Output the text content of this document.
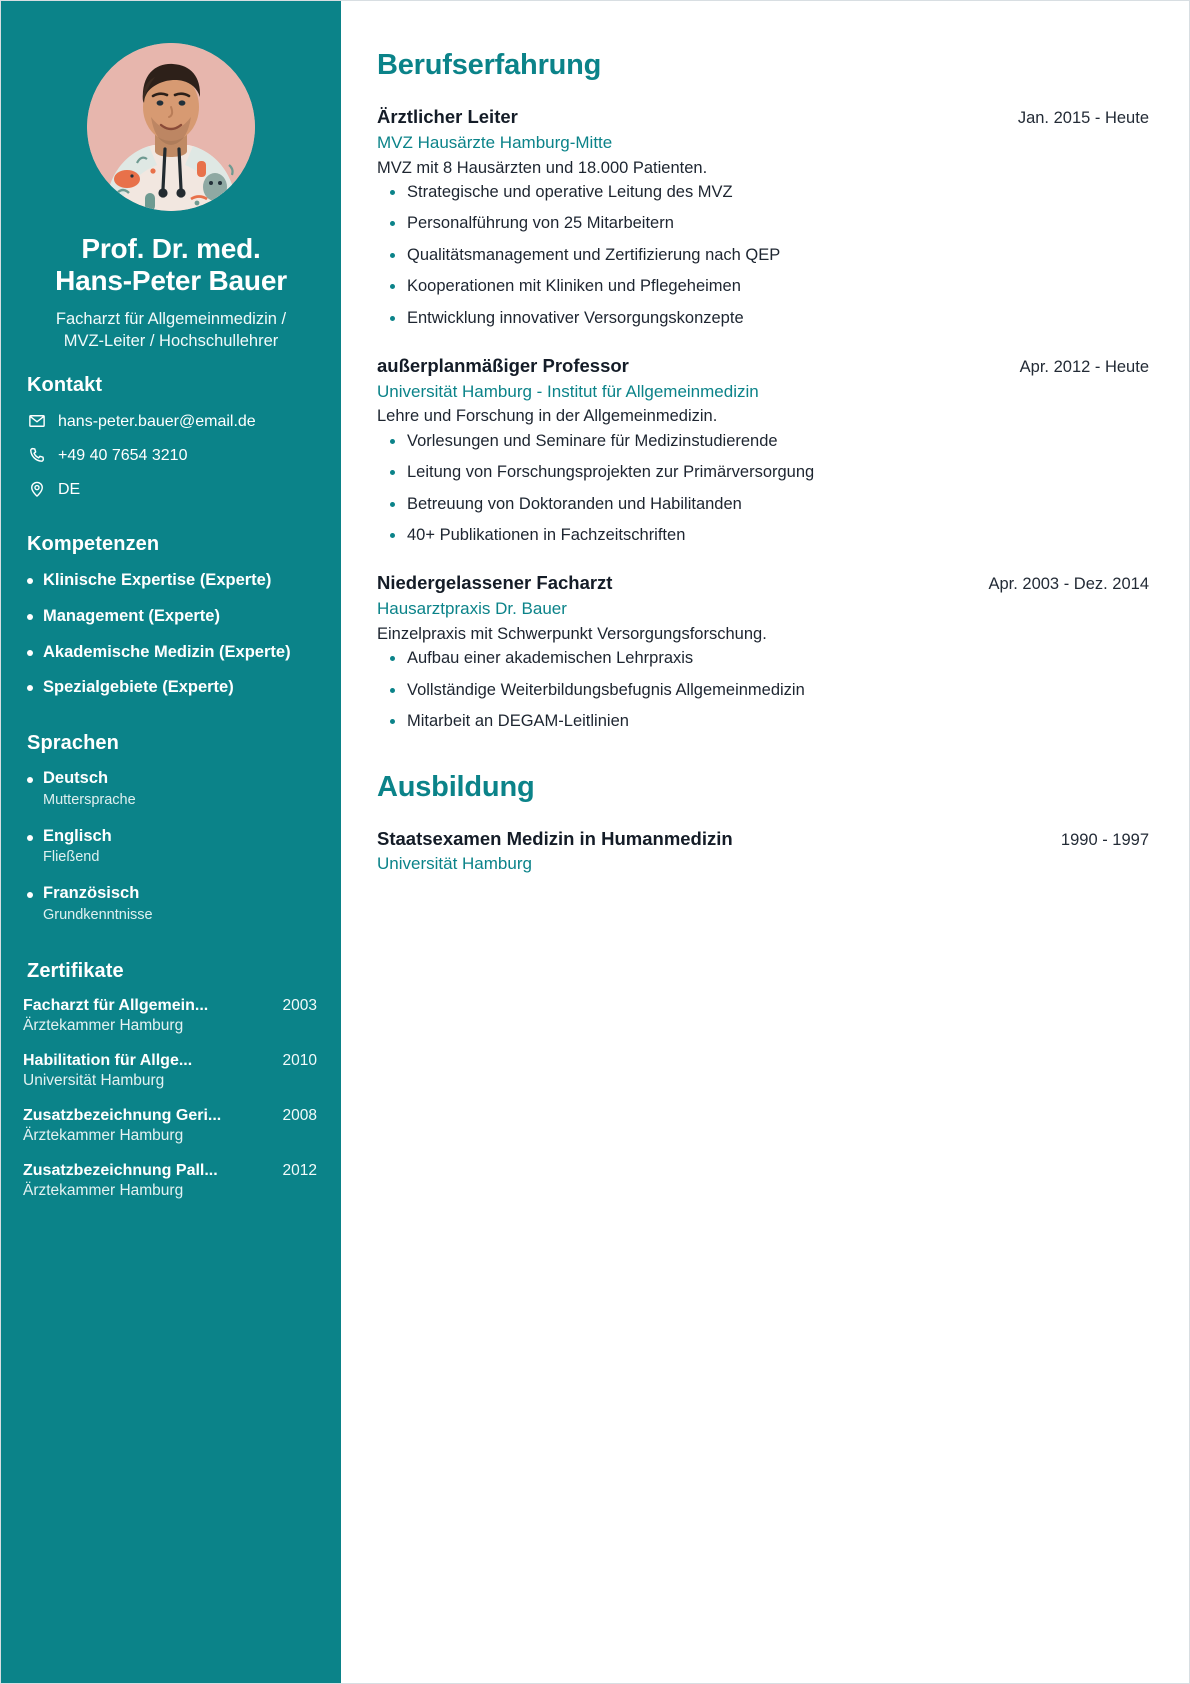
Prof. Dr. med.
Hans-Peter Bauer
Facharzt für Allgemeinmedizin /
MVZ-Leiter / Hochschullehrer
Kontakt
hans-peter.bauer@email.de
+49 40 7654 3210
DE
Kompetenzen
Klinische Expertise (Experte)
Management (Experte)
Akademische Medizin (Experte)
Spezialgebiete (Experte)
Sprachen
Deutsch
Muttersprache
Englisch
Fließend
Französisch
Grundkenntnisse
Zertifikate
Facharzt für Allgemein...	2003
Ärztekammer Hamburg
Habilitation für Allge...	2010
Universität Hamburg
Zusatzbezeichnung Geri...	2008
Ärztekammer Hamburg
Zusatzbezeichnung Pall...	2012
Ärztekammer Hamburg
Berufserfahrung
Ärztlicher Leiter	Jan. 2015 - Heute
MVZ Hausärzte Hamburg-Mitte
MVZ mit 8 Hausärzten und 18.000 Patienten.
Strategische und operative Leitung des MVZ
Personalführung von 25 Mitarbeitern
Qualitätsmanagement und Zertifizierung nach QEP
Kooperationen mit Kliniken und Pflegeheimen
Entwicklung innovativer Versorgungskonzepte
außerplanmäßiger Professor	Apr. 2012 - Heute
Universität Hamburg - Institut für Allgemeinmedizin
Lehre und Forschung in der Allgemeinmedizin.
Vorlesungen und Seminare für Medizinstudierende
Leitung von Forschungsprojekten zur Primärversorgung
Betreuung von Doktoranden und Habilitanden
40+ Publikationen in Fachzeitschriften
Niedergelassener Facharzt	Apr. 2003 - Dez. 2014
Hausarztpraxis Dr. Bauer
Einzelpraxis mit Schwerpunkt Versorgungsforschung.
Aufbau einer akademischen Lehrpraxis
Vollständige Weiterbildungsbefugnis Allgemeinmedizin
Mitarbeit an DEGAM-Leitlinien
Ausbildung
Staatsexamen Medizin in Humanmedizin	1990 - 1997
Universität Hamburg
